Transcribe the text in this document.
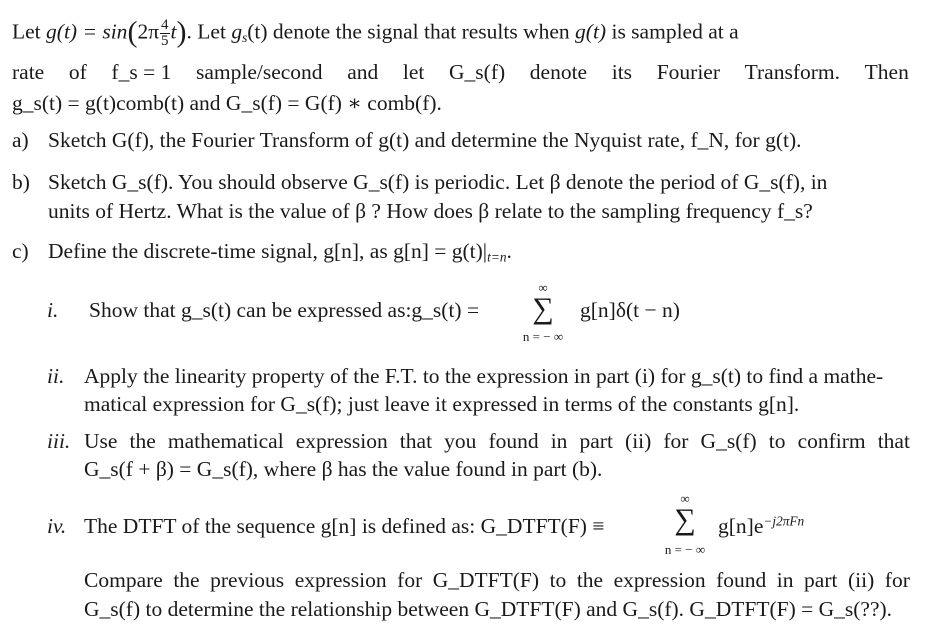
Let $g(t) = \sin(2\pi \frac{4}{5} t)$. Let $g_s(t)$ denote the signal that results when g(t) is sampled at a
rate of f_s = 1 sample/second and let G_s(f) denote its Fourier Transform. Then
g_s(t) = g(t)comb(t) and G_s(f) = G(f) ∗ comb(f).
a) Sketch G(f), the Fourier Transform of g(t) and determine the Nyquist rate, f_N, for g(t).
b) Sketch G_s(f). You should observe G_s(f) is periodic. Let β denote the period of G_s(f), in
units of Hertz. What is the value of β ? How does β relate to the sampling frequency f_s?
c) Define the discrete-time signal, g[n], as $g[n] = g(t)|_{t=n}$.
i. Show that g_s(t) can be expressed as:g_s(t) =
∞
∑
n = − ∞
g[n]δ(t − n)
ii. Apply the linearity property of the F.T. to the expression in part (i) for g_s(t) to find a mathe-
matical expression for G_s(f); just leave it expressed in terms of the constants g[n].
iii. Use the mathematical expression that you found in part (ii) for G_s(f) to confirm that
G_s(f + β) = G_s(f), where β has the value found in part (b).
iv. The DTFT of the sequence g[n] is defined as: G_DTFT(F) ≡
∞
∑
n = − ∞
$g[n]e^{-j2\pi Fn}$
Compare the previous expression for G_DTFT(F) to the expression found in part (ii) for
G_s(f) to determine the relationship between G_DTFT(F) and G_s(f). G_DTFT(F) = G_s(??).
